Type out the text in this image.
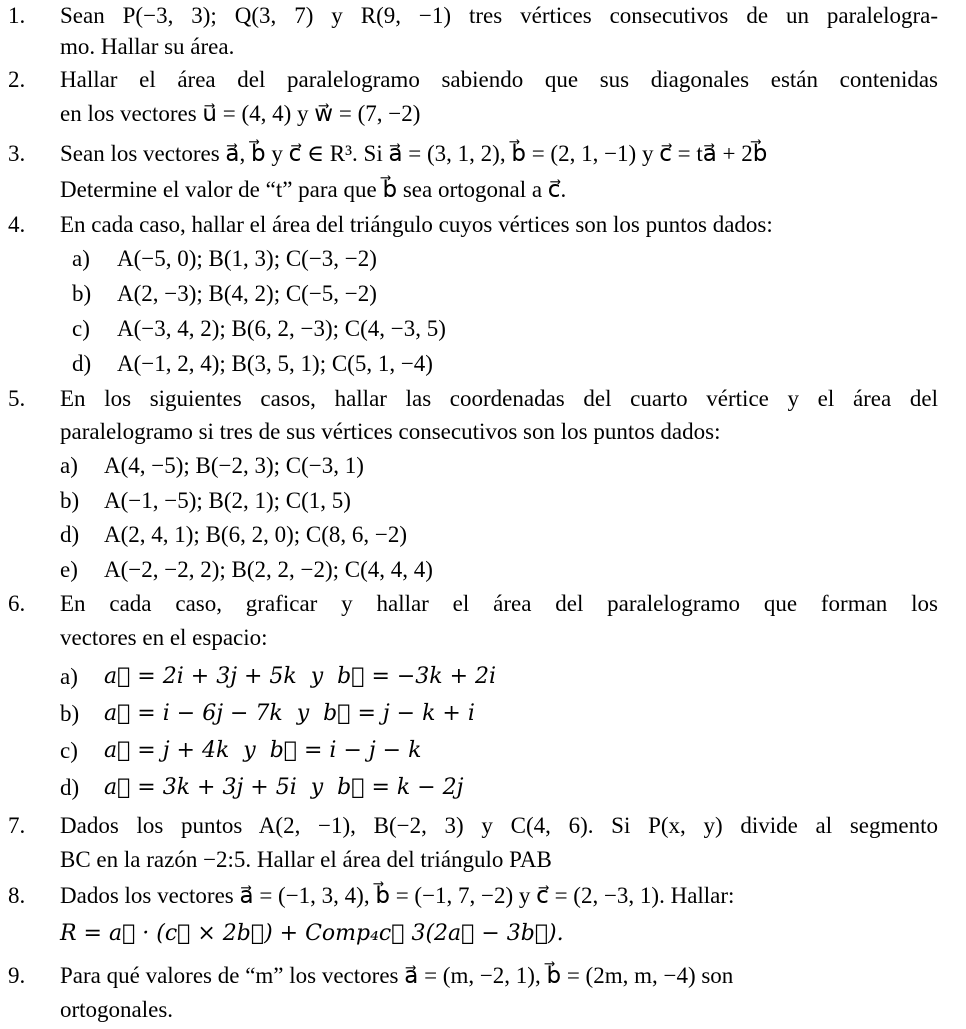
1. Sean P(−3, 3); Q(3, 7) y R(9, −1) tres vértices consecutivos de un paralelogra-
mo. Hallar su área.
2. Hallar el área del paralelogramo sabiendo que sus diagonales están contenidas
en los vectores u⃗ = (4, 4) y w⃗ = (7, −2)
3. Sean los vectores a⃗, b⃗ y c⃗ ∈ R³. Si a⃗ = (3, 1, 2), b⃗ = (2, 1, −1) y c⃗ = ta⃗ + 2b⃗
Determine el valor de “t” para que b⃗ sea ortogonal a c⃗.
4. En cada caso, hallar el área del triángulo cuyos vértices son los puntos dados:
a) A(−5, 0); B(1, 3); C(−3, −2)
b) A(2, −3); B(4, 2); C(−5, −2)
c) A(−3, 4, 2); B(6, 2, −3); C(4, −3, 5)
d) A(−1, 2, 4); B(3, 5, 1); C(5, 1, −4)
5. En los siguientes casos, hallar las coordenadas del cuarto vértice y el área del
paralelogramo si tres de sus vértices consecutivos son los puntos dados:
a) A(4, −5); B(−2, 3); C(−3, 1)
b) A(−1, −5); B(2, 1); C(1, 5)
d) A(2, 4, 1); B(6, 2, 0); C(8, 6, −2)
e) A(−2, −2, 2); B(2, 2, −2); C(4, 4, 4)
6. En cada caso, graficar y hallar el área del paralelogramo que forman los
vectores en el espacio:
a) a⃗ = 2i + 3j + 5k  y  b⃗ = −3k + 2i
b) a⃗ = i − 6j − 7k  y  b⃗ = j − k + i
c) a⃗ = j + 4k  y  b⃗ = i − j − k
d) a⃗ = 3k + 3j + 5i  y  b⃗ = k − 2j
7. Dados los puntos A(2, −1), B(−2, 3) y C(4, 6). Si P(x, y) divide al segmento
BC en la razón −2:5. Hallar el área del triángulo PAB
8. Dados los vectores a⃗ = (−1, 3, 4), b⃗ = (−1, 7, −2) y c⃗ = (2, −3, 1). Hallar:
R = a⃗ · (c⃗ × 2b⃗) + Comp₄c⃗ 3(2a⃗ − 3b⃗).
9. Para qué valores de “m” los vectores a⃗ = (m, −2, 1), b⃗ = (2m, m, −4) son
ortogonales.
